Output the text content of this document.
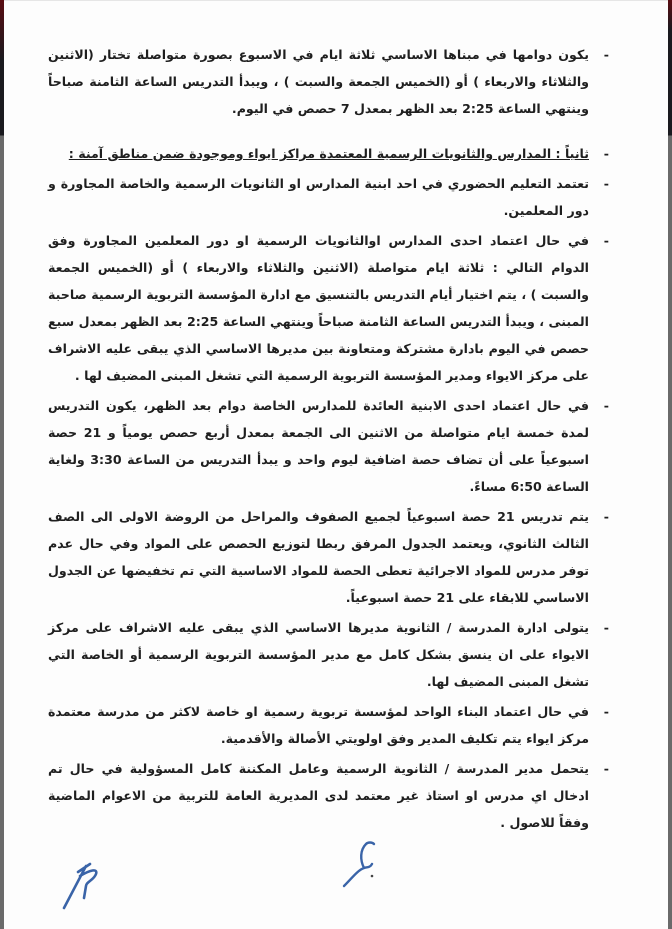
-
يكون دوامها في مبناها الاساسي ثلاثة ايام في الاسبوع بصورة متواصلة تختار (الاثنين والثلاثاء والاربعاء ) أو (الخميس الجمعة والسبت ) ، ويبدأ التدريس الساعة الثامنة صباحاً وينتهي الساعة 2:25 بعد الظهر بمعدل 7 حصص في اليوم.

-
ثانياً : المدارس والثانويات الرسمية المعتمدة مراكز ايواء وموجودة ضمن مناطق آمنة :

-
تعتمد التعليم الحضوري في احد ابنية المدارس او الثانويات الرسمية والخاصة المجاورة و دور المعلمين.

-
في حال اعتماد احدى المدارس اوالثانويات الرسمية او دور المعلمين المجاورة وفق الدوام التالي : ثلاثة ايام متواصلة (الاثنين والثلاثاء والاربعاء ) أو (الخميس الجمعة والسبت ) ، يتم اختيار أيام التدريس بالتنسيق مع ادارة المؤسسة التربوية الرسمية صاحبة المبنى ، ويبدأ التدريس الساعة الثامنة صباحاً وينتهي الساعة 2:25 بعد الظهر بمعدل سبع حصص في اليوم بادارة مشتركة ومتعاونة بين مديرها الاساسي الذي يبقى عليه الاشراف على مركز الايواء ومدير المؤسسة التربوية الرسمية التي تشغل المبنى المضيف لها .

-
في حال اعتماد احدى الابنية العائدة للمدارس الخاصة دوام بعد الظهر، يكون التدريس لمدة خمسة ايام متواصلة من الاثنين الى الجمعة بمعدل أربع حصص يومياً و 21 حصة اسبوعياً على أن تضاف حصة اضافية ليوم واحد و يبدأ التدريس من الساعة 3:30 ولغاية الساعة 6:50 مساءً.

-
يتم تدريس 21 حصة اسبوعياً لجميع الصفوف والمراحل من الروضة الاولى الى الصف الثالث الثانوي، ويعتمد الجدول المرفق ربطا لتوزيع الحصص على المواد وفي حال عدم توفر مدرس للمواد الاجرائية تعطى الحصة للمواد الاساسية التي تم تخفيضها عن الجدول الاساسي للابقاء على 21 حصة اسبوعياً.

-
يتولى ادارة المدرسة / الثانوية مديرها الاساسي الذي يبقى عليه الاشراف على مركز الايواء على ان ينسق بشكل كامل مع مدير المؤسسة التربوية الرسمية أو الخاصة التي تشغل المبنى المضيف لها.

-
في حال اعتماد البناء الواحد لمؤسسة تربوية رسمية او خاصة لاكثر من مدرسة معتمدة مركز ايواء يتم تكليف المدير وفق اولويتي الأصالة والأقدمية.

-
يتحمل مدير المدرسة / الثانوية الرسمية وعامل المكننة كامل المسؤولية في حال تم ادخال اي مدرس او استاذ غير معتمد لدى المديرية العامة للتربية من الاعوام الماضية وفقاً للاصول .
